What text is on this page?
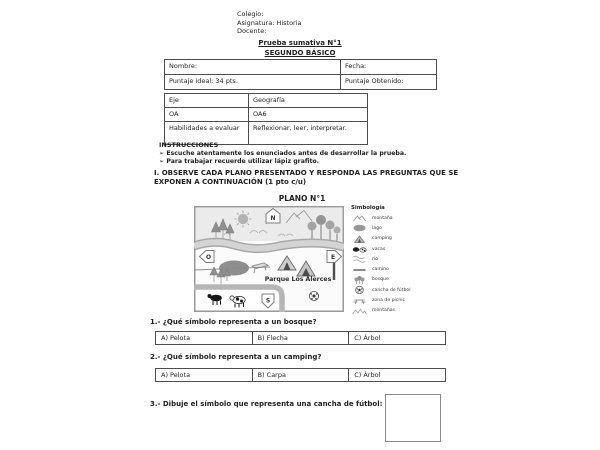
Colegio:
Asignatura: Historia
Docente:
Prueba sumativa N°1
SEGUNDO BÁSICO
Nombre:	Fecha:
Puntaje ideal: 34 pts.	Puntaje Obtenido:
Eje	Geografía
OA	OA6
Habilidades a evaluar	Reflexionar, leer, interpretar.
INSTRUCCIONES
➢ Escuche atentamente los enunciados antes de desarrollar la prueba.
➢ Para trabajar recuerde utilizar lápiz grafito.
I. OBSERVE CADA PLANO PRESENTADO Y RESPONDA LAS PREGUNTAS QUE SE EXPONEN A CONTINUACIÓN (1 pto c/u)
PLANO N°1
N
O	E
Parque Los Alerces
S
Simbología
montaña
lago
camping
vacas
río
camino
bosque
cancha de fútbol
zona de picnic
montañas
1.- ¿Qué símbolo representa a un bosque?
A) Pelota	B) Flecha	C) Árbol
2.- ¿Qué símbolo representa a un camping?
A) Pelota	B) Carpa	C) Árbol
3.- Dibuje el símbolo que representa una cancha de fútbol:
